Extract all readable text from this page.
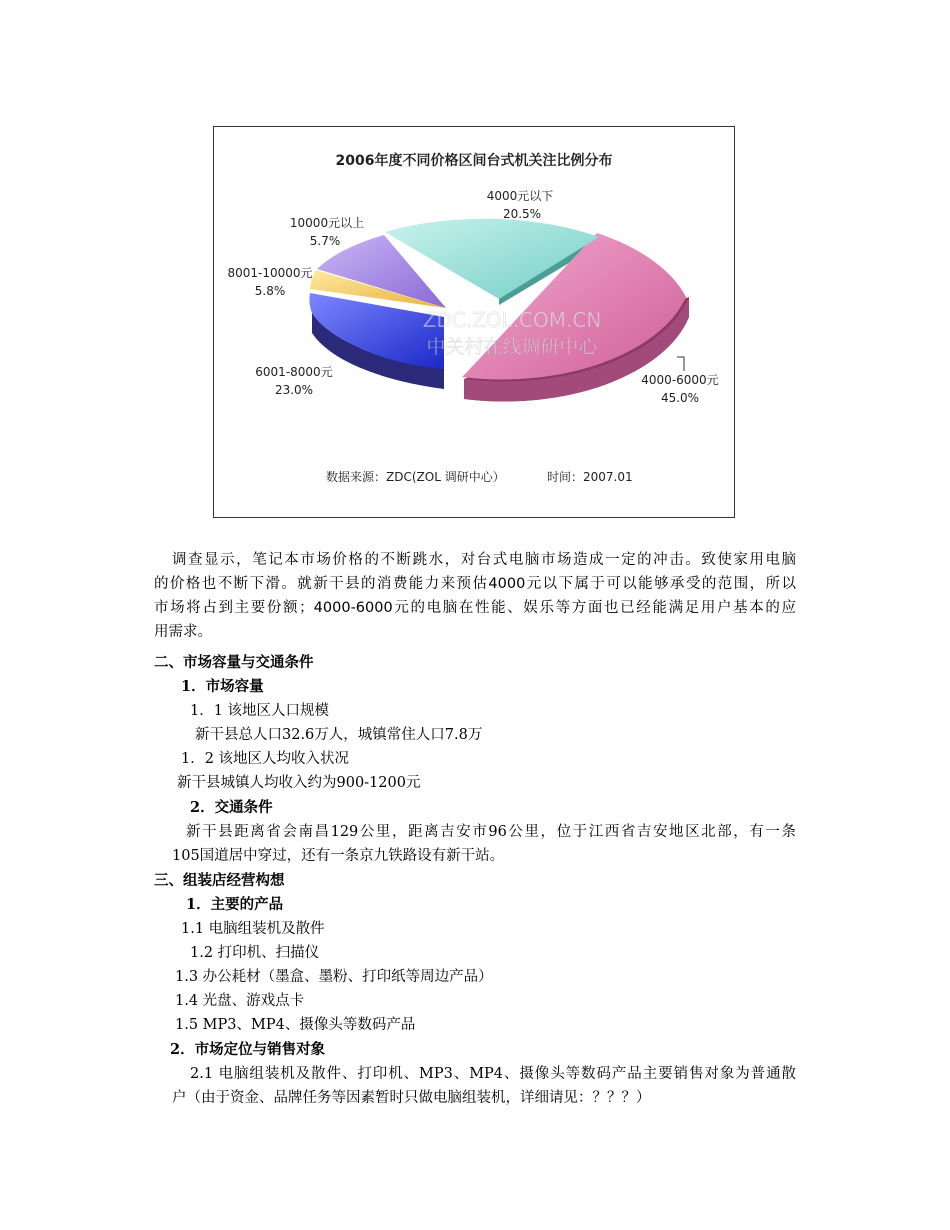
2006年度不同价格区间台式机关注比例分布
ZDC.ZOL.COM.CN
中关村在线调研中心
4000元以下
20.5%
10000元以上
5.7%
8001-10000元
5.8%
6001-8000元
23.0%
4000-6000元
45.0%
数据来源：ZDC(ZOL 调研中心）	时间：2007.01
调查显示，笔记本市场价格的不断跳水，对台式电脑市场造成一定的冲击。致使家用电脑
的价格也不断下滑。就新干县的消费能力来预估4000元以下属于可以能够承受的范围，所以
市场将占到主要份额；4000-6000元的电脑在性能、娱乐等方面也已经能满足用户基本的应
用需求。
二、市场容量与交通条件
1．市场容量
1．1 该地区人口规模
新干县总人口32.6万人，城镇常住人口7.8万
1．2 该地区人均收入状况
新干县城镇人均收入约为900-1200元
2．交通条件
新干县距离省会南昌129公里，距离吉安市96公里，位于江西省吉安地区北部，有一条
105国道居中穿过，还有一条京九铁路设有新干站。
三、组装店经营构想
1．主要的产品
1.1 电脑组装机及散件
1.2 打印机、扫描仪
1.3 办公耗材（墨盒、墨粉、打印纸等周边产品）
1.4 光盘、游戏点卡
1.5 MP3、MP4、摄像头等数码产品
2．市场定位与销售对象
2.1 电脑组装机及散件、打印机、MP3、MP4、摄像头等数码产品主要销售对象为普通散
户（由于资金、品牌任务等因素暂时只做电脑组装机，详细请见：？？？）
